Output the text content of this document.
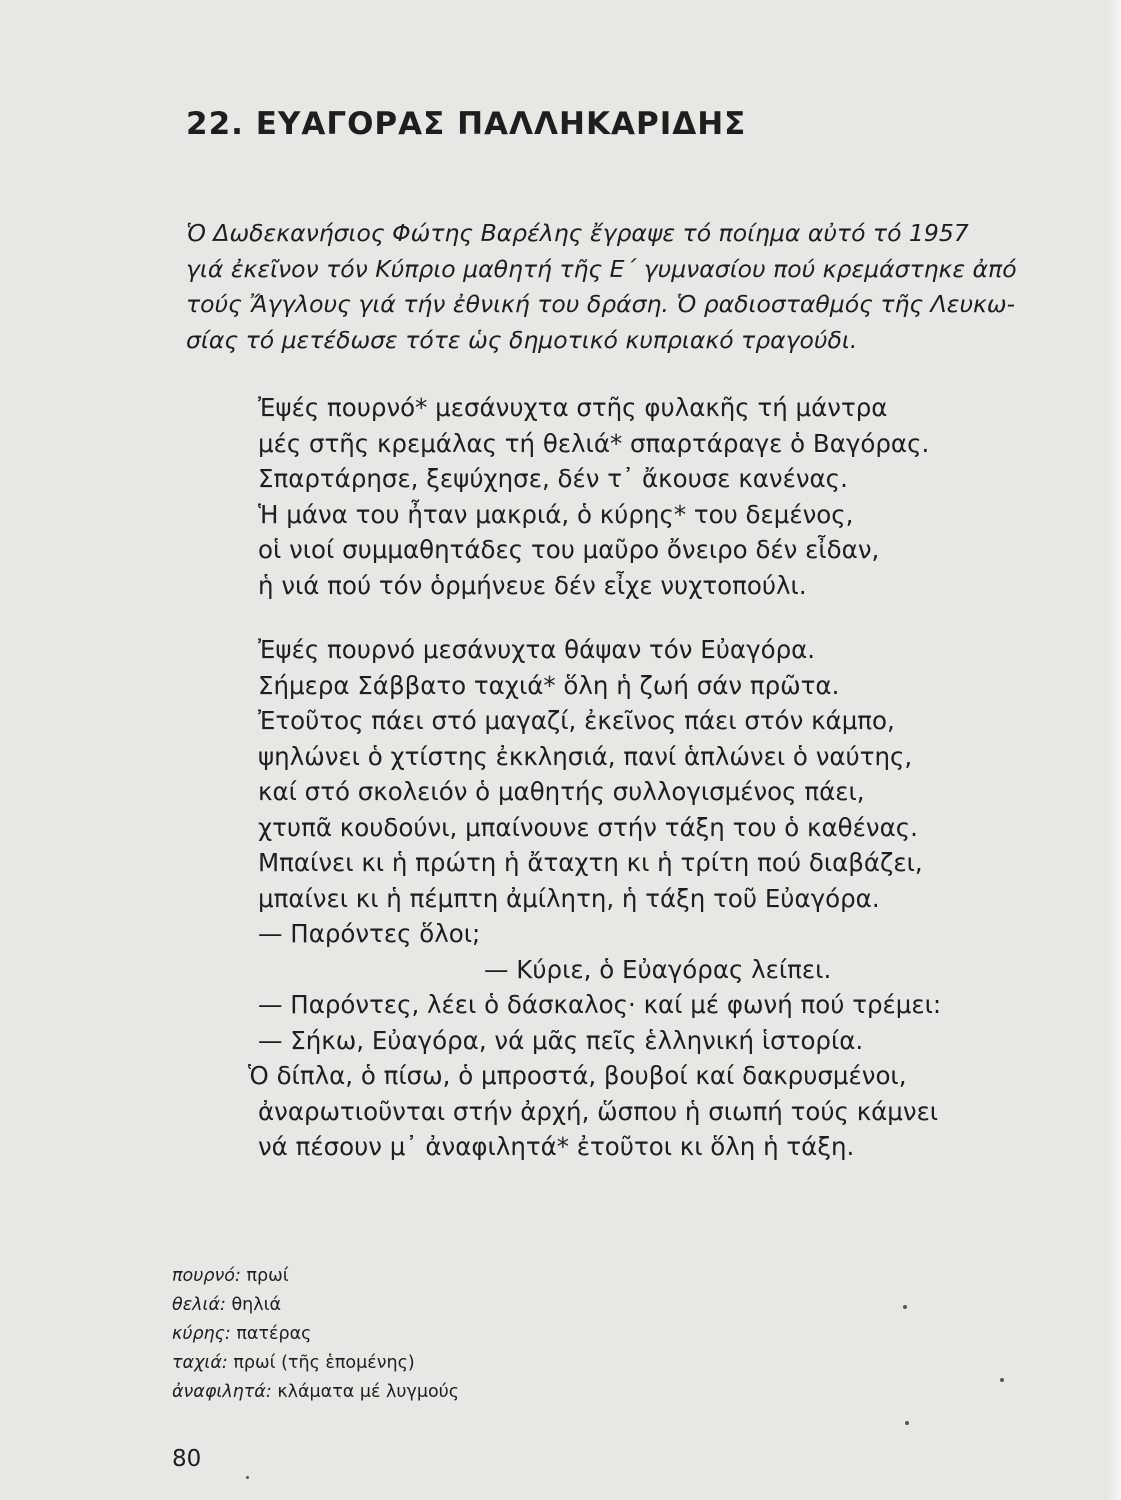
22. ΕΥΑΓΟΡΑΣ ΠΑΛΛΗΚΑΡΙΔΗΣ
Ὁ Δωδεκανήσιος Φώτης Βαρέλης ἔγραψε τό ποίημα αὐτό τό 1957
γιά ἐκεῖνον τόν Κύπριο μαθητή τῆς Ε΄ γυμνασίου πού κρεμάστηκε ἀπό
τούς Ἄγγλους γιά τήν ἐθνική του δράση. Ὁ ραδιοσταθμός τῆς Λευκω-
σίας τό μετέδωσε τότε ὡς δημοτικό κυπριακό τραγούδι.
Ἐψές πουρνό* μεσάνυχτα στῆς φυλακῆς τή μάντρα
μές στῆς κρεμάλας τή θελιά* σπαρτάραγε ὁ Βαγόρας.
Σπαρτάρησε, ξεψύχησε, δέν τ᾽ ἄκουσε κανένας.
Ἡ μάνα του ἦταν μακριά, ὁ κύρης* του δεμένος,
οἱ νιοί συμμαθητάδες του μαῦρο ὄνειρο δέν εἶδαν,
ἡ νιά πού τόν ὁρμήνευε δέν εἶχε νυχτοπούλι.
Ἐψές πουρνό μεσάνυχτα θάψαν τόν Εὐαγόρα.
Σήμερα Σάββατο ταχιά* ὅλη ἡ ζωή σάν πρῶτα.
Ἐτοῦτος πάει στό μαγαζί, ἐκεῖνος πάει στόν κάμπο,
ψηλώνει ὁ χτίστης ἐκκλησιά, πανί ἁπλώνει ὁ ναύτης,
καί στό σκολειόν ὁ μαθητής συλλογισμένος πάει,
χτυπᾶ κουδούνι, μπαίνουνε στήν τάξη του ὁ καθένας.
Μπαίνει κι ἡ πρώτη ἡ ἄταχτη κι ἡ τρίτη πού διαβάζει,
μπαίνει κι ἡ πέμπτη ἀμίλητη, ἡ τάξη τοῦ Εὐαγόρα.
— Παρόντες ὅλοι;
— Κύριε, ὁ Εὐαγόρας λείπει.
— Παρόντες, λέει ὁ δάσκαλος· καί μέ φωνή πού τρέμει:
— Σήκω, Εὐαγόρα, νά μᾶς πεῖς ἑλληνική ἱστορία.
Ὁ δίπλα, ὁ πίσω, ὁ μπροστά, βουβοί καί δακρυσμένοι,
ἀναρωτιοῦνται στήν ἀρχή, ὥσπου ἡ σιωπή τούς κάμνει
νά πέσουν μ᾽ ἀναφιλητά* ἐτοῦτοι κι ὅλη ἡ τάξη.
πουρνό: πρωί
θελιά: θηλιά
κύρης: πατέρας
ταχιά: πρωί (τῆς ἑπομένης)
ἀναφιλητά: κλάματα μέ λυγμούς
80
